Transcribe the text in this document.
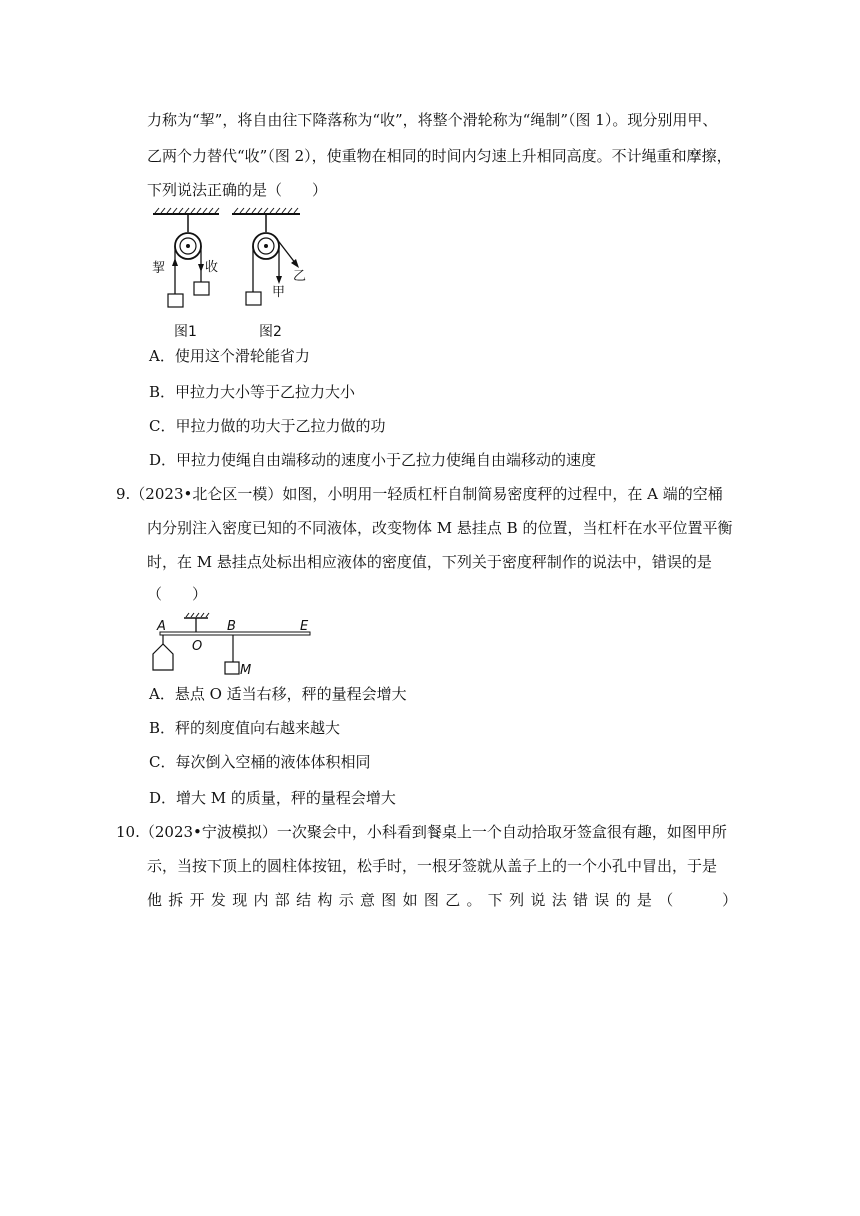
力称为“挈”，将自由往下降落称为“收”，将整个滑轮称为“绳制”（图 1）。现分别用甲、
乙两个力替代“收”（图 2），使重物在相同的时间内匀速上升相同高度。不计绳重和摩擦，
下列说法正确的是（　　）
挈	收
图1
乙
甲
图2
A．使用这个滑轮能省力
B．甲拉力大小等于乙拉力大小
C．甲拉力做的功大于乙拉力做的功
D．甲拉力使绳自由端移动的速度小于乙拉力使绳自由端移动的速度
9.（2023•北仑区一模）如图，小明用一轻质杠杆自制简易密度秤的过程中，在 A 端的空桶
内分别注入密度已知的不同液体，改变物体 M 悬挂点 B 的位置，当杠杆在水平位置平衡
时，在 M 悬挂点处标出相应液体的密度值，下列关于密度秤制作的说法中，错误的是
（　　）
A
O
B	E
M
A．悬点 O 适当右移，秤的量程会增大
B．秤的刻度值向右越来越大
C．每次倒入空桶的液体体积相同
D．增大 M 的质量，秤的量程会增大
10.（2023•宁波模拟）一次聚会中，小科看到餐桌上一个自动拾取牙签盒很有趣，如图甲所
示，当按下顶上的圆柱体按钮，松手时，一根牙签就从盖子上的一个小孔中冒出，于是
他拆开发现内部结构示意图如图乙。下列说法错误的是（　　）
